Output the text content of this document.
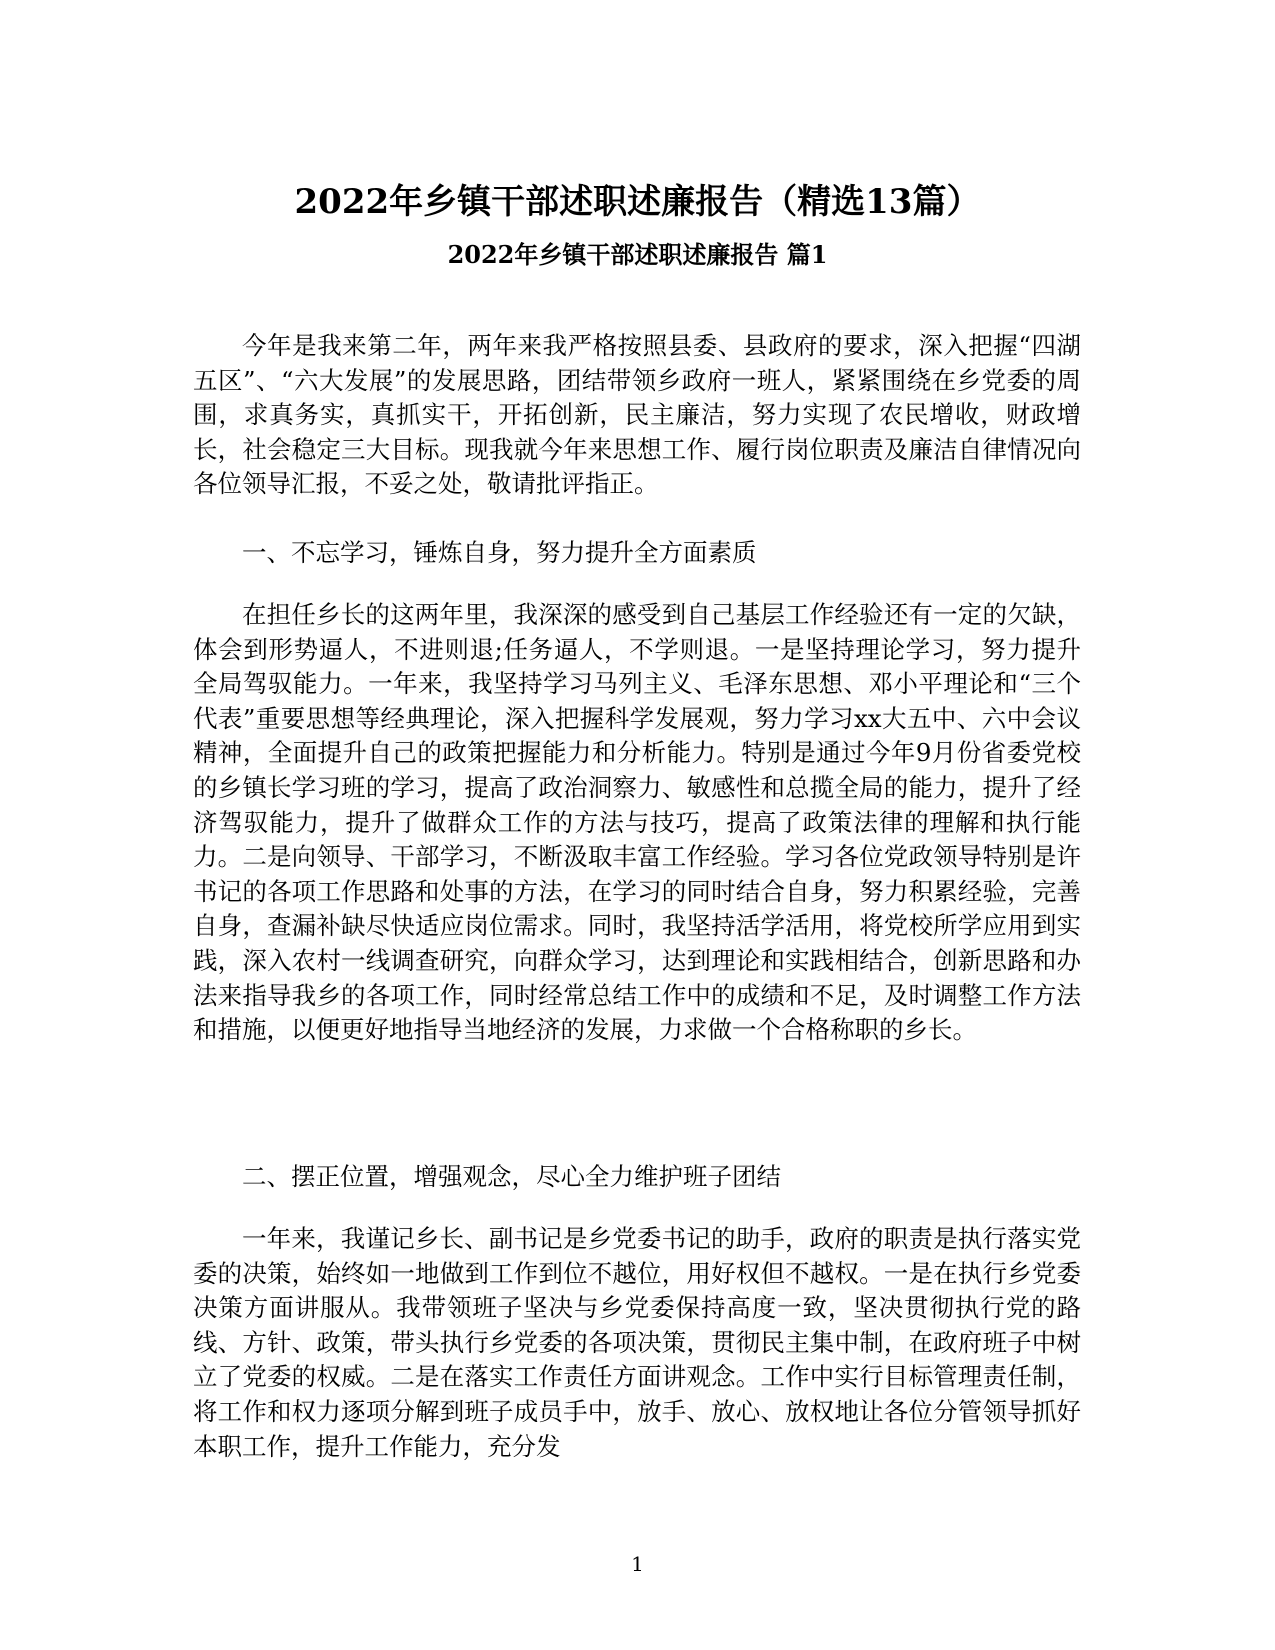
2022年乡镇干部述职述廉报告（精选13篇）
2022年乡镇干部述职述廉报告 篇1

今年是我来第二年，两年来我严格按照县委、县政府的要求，深入把握“四湖五区”、“六大发展”的发展思路，团结带领乡政府一班人，紧紧围绕在乡党委的周围，求真务实，真抓实干，开拓创新，民主廉洁，努力实现了农民增收，财政增长，社会稳定三大目标。现我就今年来思想工作、履行岗位职责及廉洁自律情况向各位领导汇报，不妥之处，敬请批评指正。

一、不忘学习，锤炼自身，努力提升全方面素质

在担任乡长的这两年里，我深深的感受到自己基层工作经验还有一定的欠缺，体会到形势逼人，不进则退;任务逼人，不学则退。一是坚持理论学习，努力提升全局驾驭能力。一年来，我坚持学习马列主义、毛泽东思想、邓小平理论和“三个代表”重要思想等经典理论，深入把握科学发展观，努力学习xx大五中、六中会议精神，全面提升自己的政策把握能力和分析能力。特别是通过今年9月份省委党校的乡镇长学习班的学习，提高了政治洞察力、敏感性和总揽全局的能力，提升了经济驾驭能力，提升了做群众工作的方法与技巧，提高了政策法律的理解和执行能力。二是向领导、干部学习，不断汲取丰富工作经验。学习各位党政领导特别是许书记的各项工作思路和处事的方法，在学习的同时结合自身，努力积累经验，完善自身，查漏补缺尽快适应岗位需求。同时，我坚持活学活用，将党校所学应用到实践，深入农村一线调查研究，向群众学习，达到理论和实践相结合，创新思路和办法来指导我乡的各项工作，同时经常总结工作中的成绩和不足，及时调整工作方法和措施，以便更好地指导当地经济的发展，力求做一个合格称职的乡长。

二、摆正位置，增强观念，尽心全力维护班子团结

一年来，我谨记乡长、副书记是乡党委书记的助手，政府的职责是执行落实党委的决策，始终如一地做到工作到位不越位，用好权但不越权。一是在执行乡党委决策方面讲服从。我带领班子坚决与乡党委保持高度一致，坚决贯彻执行党的路线、方针、政策，带头执行乡党委的各项决策，贯彻民主集中制，在政府班子中树立了党委的权威。二是在落实工作责任方面讲观念。工作中实行目标管理责任制，将工作和权力逐项分解到班子成员手中，放手、放心、放权地让各位分管领导抓好本职工作，提升工作能力，充分发

1
